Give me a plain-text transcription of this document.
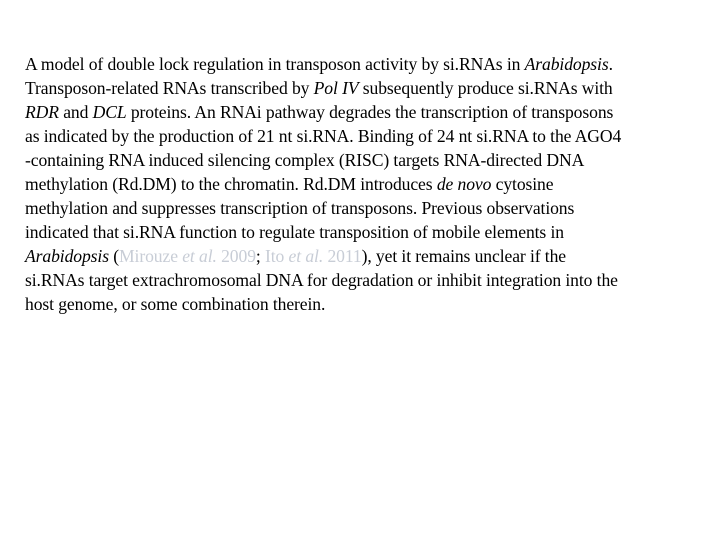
A model of double lock regulation in transposon activity by si.RNAs in Arabidopsis.
Transposon-related RNAs transcribed by Pol IV subsequently produce si.RNAs with
RDR and DCL proteins. An RNAi pathway degrades the transcription of transposons
as indicated by the production of 21 nt si.RNA. Binding of 24 nt si.RNA to the AGO4
-containing RNA induced silencing complex (RISC) targets RNA-directed DNA
methylation (Rd.DM) to the chromatin. Rd.DM introduces de novo cytosine
methylation and suppresses transcription of transposons. Previous observations
indicated that si.RNA function to regulate transposition of mobile elements in
Arabidopsis (Mirouze et al. 2009; Ito et al. 2011), yet it remains unclear if the
si.RNAs target extrachromosomal DNA for degradation or inhibit integration into the
host genome, or some combination therein.
